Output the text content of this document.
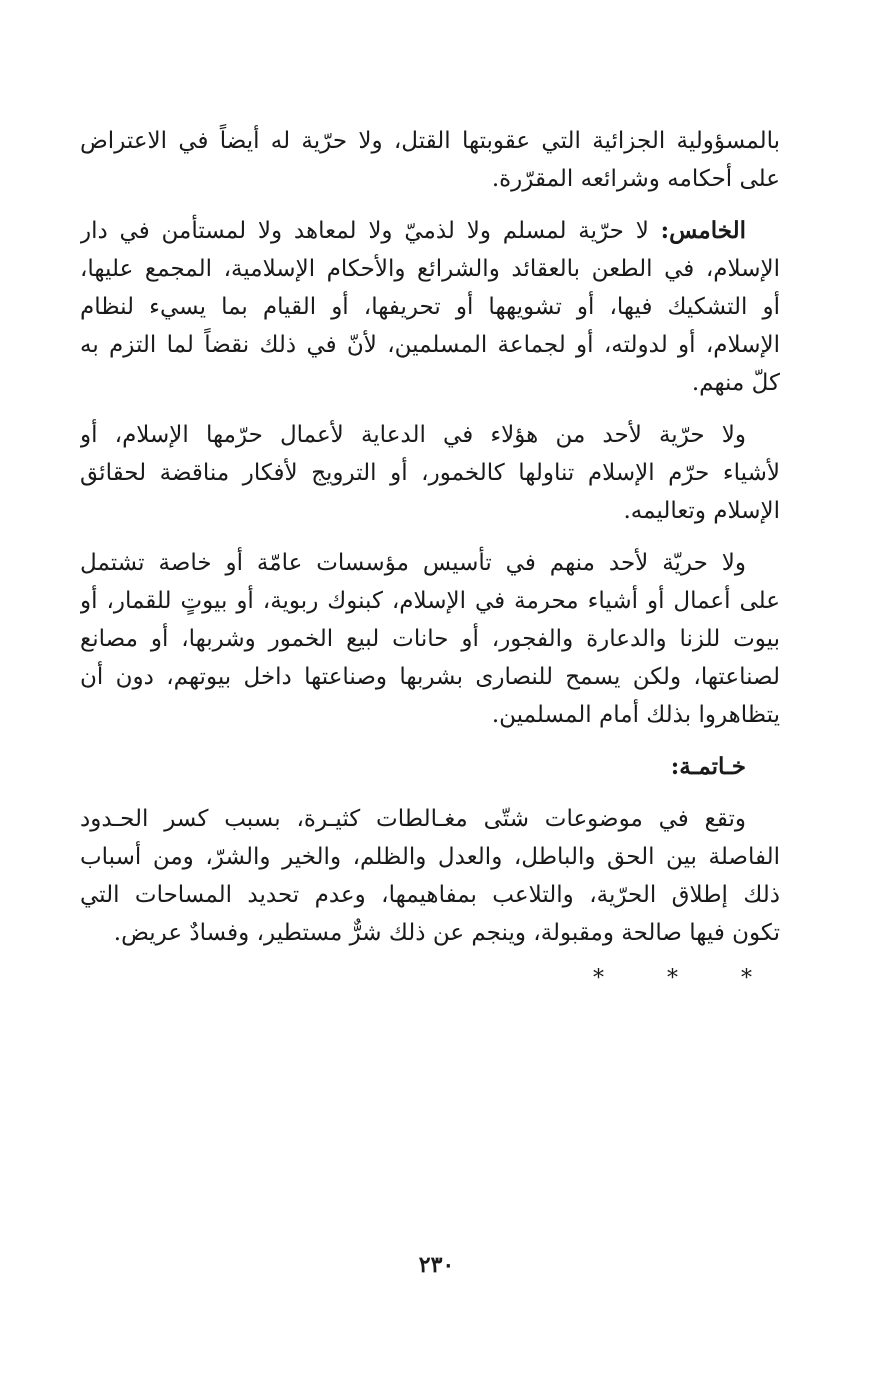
بالمسؤولية الجزائية التي عقوبتها القتل، ولا حرّية له أيضاً في الاعتراض
على أحكامه وشرائعه المقرّرة.
الخامس: لا حرّية لمسلم ولا لذميّ ولا لمعاهد ولا لمستأمن في دار
الإسلام، في الطعن بالعقائد والشرائع والأحكام الإسلامية، المجمع عليها،
أو التشكيك فيها، أو تشويهها أو تحريفها، أو القيام بما يسيء لنظام
الإسلام، أو لدولته، أو لجماعة المسلمين، لأنّ في ذلك نقضاً لما التزم به
كلّ منهم.
ولا حرّية لأحد من هؤلاء في الدعاية لأعمال حرّمها الإسلام، أو
لأشياء حرّم الإسلام تناولها كالخمور، أو الترويج لأفكار مناقضة لحقائق
الإسلام وتعاليمه.
ولا حريّة لأحد منهم في تأسيس مؤسسات عامّة أو خاصة تشتمل
على أعمال أو أشياء محرمة في الإسلام، كبنوك ربوية، أو بيوتٍ للقمار، أو
بيوت للزنا والدعارة والفجور، أو حانات لبيع الخمور وشربها، أو مصانع
لصناعتها، ولكن يسمح للنصارى بشربها وصناعتها داخل بيوتهم، دون أن
يتظاهروا بذلك أمام المسلمين.
خـاتمـة:
وتقع في موضوعات شتّى مغـالطات كثيـرة، بسبب كسر الحـدود
الفاصلة بين الحق والباطل، والعدل والظلم، والخير والشرّ، ومن أسباب
ذلك إطلاق الحرّية، والتلاعب بمفاهيمها، وعدم تحديد المساحات التي
تكون فيها صالحة ومقبولة، وينجم عن ذلك شرٌّ مستطير، وفسادٌ عريض.
* * *
٢٣٠
